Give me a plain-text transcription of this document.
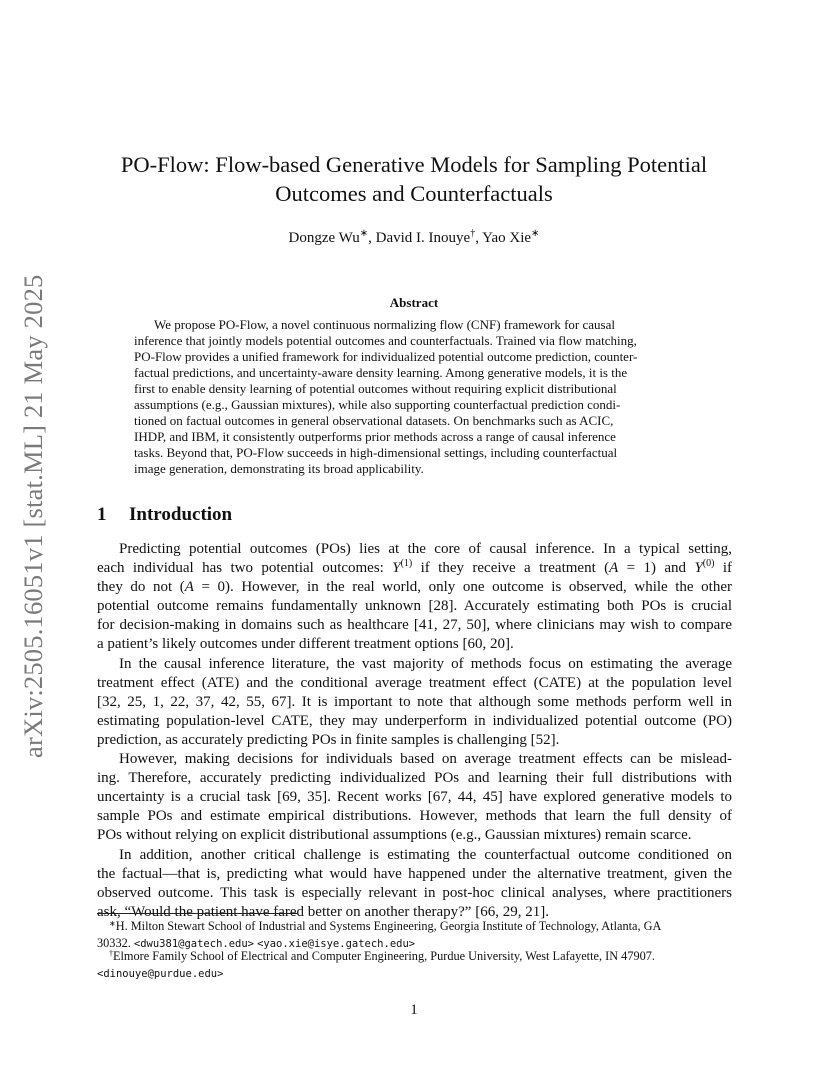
arXiv:2505.16051v1 [stat.ML] 21 May 2025
PO-Flow: Flow-based Generative Models for Sampling Potential
Outcomes and Counterfactuals
Dongze Wu∗, David I. Inouye†, Yao Xie∗
Abstract
We propose PO-Flow, a novel continuous normalizing flow (CNF) framework for causal
inference that jointly models potential outcomes and counterfactuals. Trained via flow matching,
PO-Flow provides a unified framework for individualized potential outcome prediction, counter-
factual predictions, and uncertainty-aware density learning. Among generative models, it is the
first to enable density learning of potential outcomes without requiring explicit distributional
assumptions (e.g., Gaussian mixtures), while also supporting counterfactual prediction condi-
tioned on factual outcomes in general observational datasets. On benchmarks such as ACIC,
IHDP, and IBM, it consistently outperforms prior methods across a range of causal inference
tasks. Beyond that, PO-Flow succeeds in high-dimensional settings, including counterfactual
image generation, demonstrating its broad applicability.
1 Introduction
Predicting potential outcomes (POs) lies at the core of causal inference. In a typical setting,
each individual has two potential outcomes: $Y^{(1)}$ if they receive a treatment (A = 1) and $Y^{(0)}$ if
they do not (A = 0). However, in the real world, only one outcome is observed, while the other
potential outcome remains fundamentally unknown [28]. Accurately estimating both POs is crucial
for decision-making in domains such as healthcare [41, 27, 50], where clinicians may wish to compare
a patient’s likely outcomes under different treatment options [60, 20].
In the causal inference literature, the vast majority of methods focus on estimating the average
treatment effect (ATE) and the conditional average treatment effect (CATE) at the population level
[32, 25, 1, 22, 37, 42, 55, 67]. It is important to note that although some methods perform well in
estimating population-level CATE, they may underperform in individualized potential outcome (PO)
prediction, as accurately predicting POs in finite samples is challenging [52].
However, making decisions for individuals based on average treatment effects can be mislead-
ing. Therefore, accurately predicting individualized POs and learning their full distributions with
uncertainty is a crucial task [69, 35]. Recent works [67, 44, 45] have explored generative models to
sample POs and estimate empirical distributions. However, methods that learn the full density of
POs without relying on explicit distributional assumptions (e.g., Gaussian mixtures) remain scarce.
In addition, another critical challenge is estimating the counterfactual outcome conditioned on
the factual—that is, predicting what would have happened under the alternative treatment, given the
observed outcome. This task is especially relevant in post-hoc clinical analyses, where practitioners
ask, “Would the patient have fared better on another therapy?” [66, 29, 21].
∗H. Milton Stewart School of Industrial and Systems Engineering, Georgia Institute of Technology, Atlanta, GA
30332. <dwu381@gatech.edu> <yao.xie@isye.gatech.edu>
†Elmore Family School of Electrical and Computer Engineering, Purdue University, West Lafayette, IN 47907.
<dinouye@purdue.edu>
1
